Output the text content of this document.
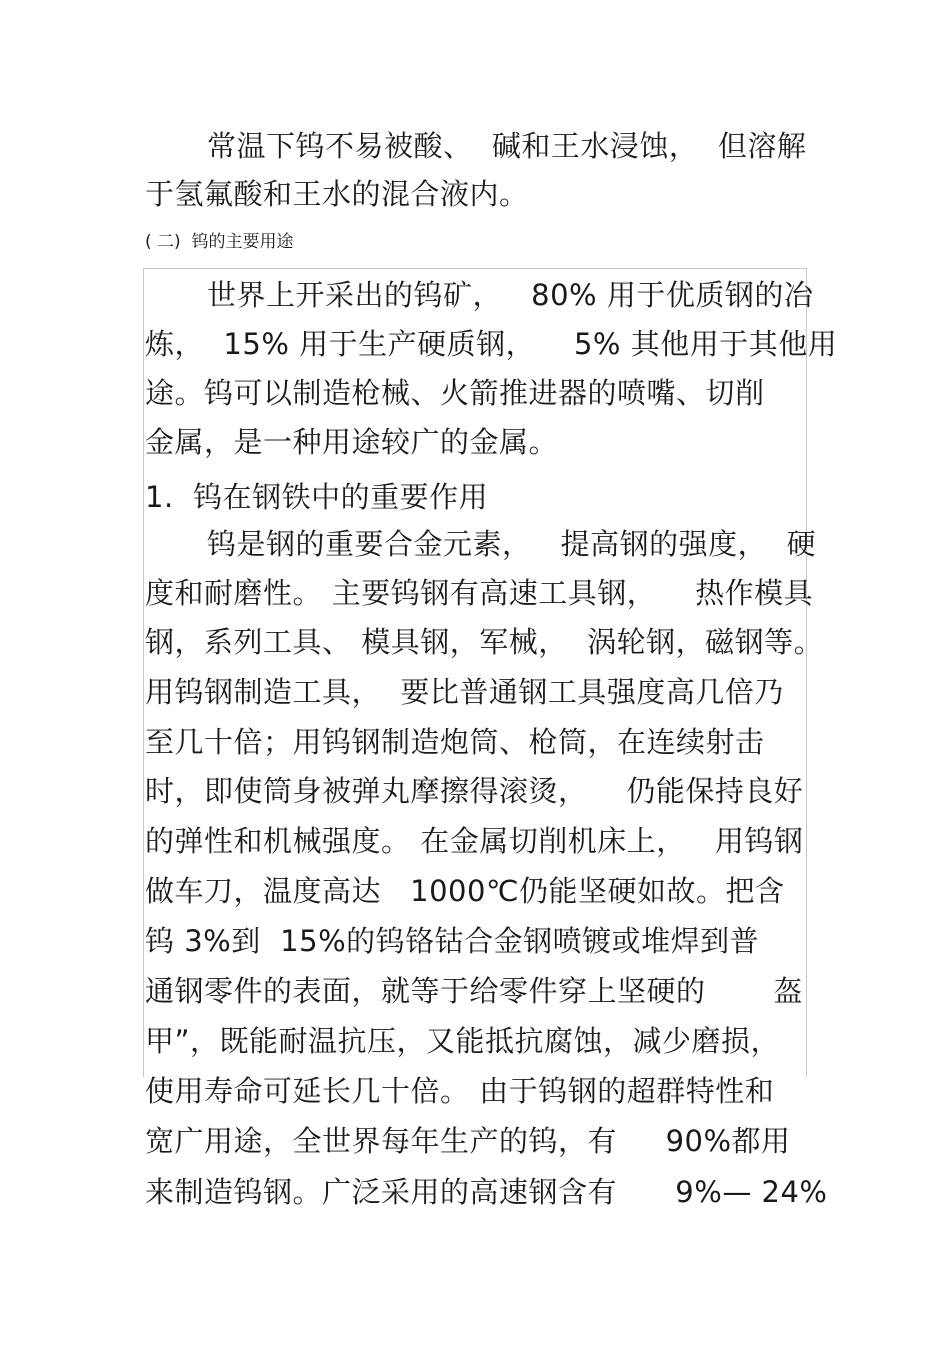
常温下钨不易被酸、  碱和王水浸蚀，  但溶解
于氢氟酸和王水的混合液内。
( 二)  钨的主要用途
世界上开采出的钨矿，   80% 用于优质钢的冶
炼，  15% 用于生产硬质钢，    5% 其他用于其他用
途。钨可以制造枪械、火箭推进器的喷嘴、切削
金属，是一种用途较广的金属。
1.  钨在钢铁中的重要作用
钨是钢的重要合金元素，   提高钢的强度，  硬
度和耐磨性。 主要钨钢有高速工具钢，    热作模具
钢，系列工具、 模具钢，军械，  涡轮钢，磁钢等。
用钨钢制造工具，  要比普通钢工具强度高几倍乃
至几十倍；用钨钢制造炮筒、枪筒，在连续射击
时，即使筒身被弹丸摩擦得滚烫，    仍能保持良好
的弹性和机械强度。 在金属切削机床上，   用钨钢
做车刀，温度高达   1000℃仍能坚硬如故。把含
钨 3%到  15%的钨铬钴合金钢喷镀或堆焊到普
通钢零件的表面，就等于给零件穿上坚硬的       盔
甲”，既能耐温抗压，又能抵抗腐蚀，减少磨损，
使用寿命可延长几十倍。 由于钨钢的超群特性和
宽广用途，全世界每年生产的钨，有     90%都用
来制造钨钢。广泛采用的高速钢含有      9%— 24%
